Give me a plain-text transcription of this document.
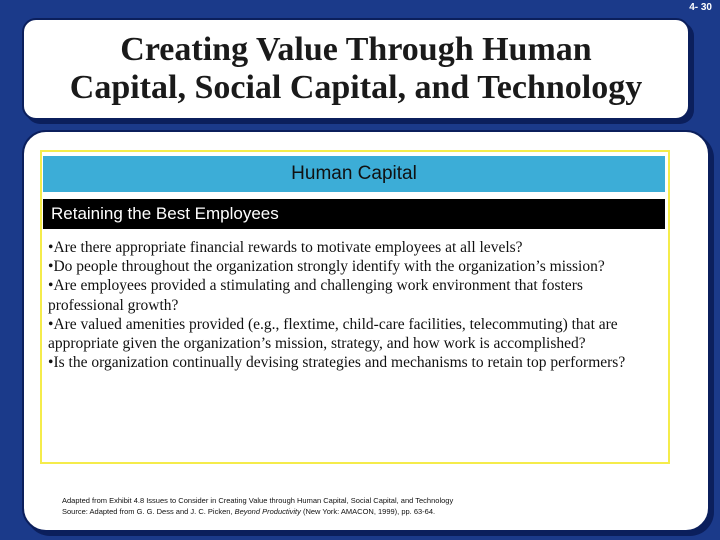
4- 30
Creating Value Through Human
Capital, Social Capital, and Technology
Human Capital
Retaining the Best Employees

•Are there appropriate financial rewards to motivate employees at all levels?

•Do people throughout the organization strongly identify with the organization’s mission?

•Are employees provided a stimulating and challenging work environment that fosters professional growth?

•Are valued amenities provided (e.g., flextime, child-care facilities, telecommuting) that are appropriate given the organization’s mission, strategy, and how work is accomplished?

•Is the organization continually devising strategies and mechanisms to retain top performers?

Adapted from Exhibit 4.8 Issues to Consider in Creating Value through Human Capital, Social Capital, and Technology
Source: Adapted from G. G. Dess and J. C. Picken, Beyond Productivity (New York: AMACON, 1999), pp. 63-64.
